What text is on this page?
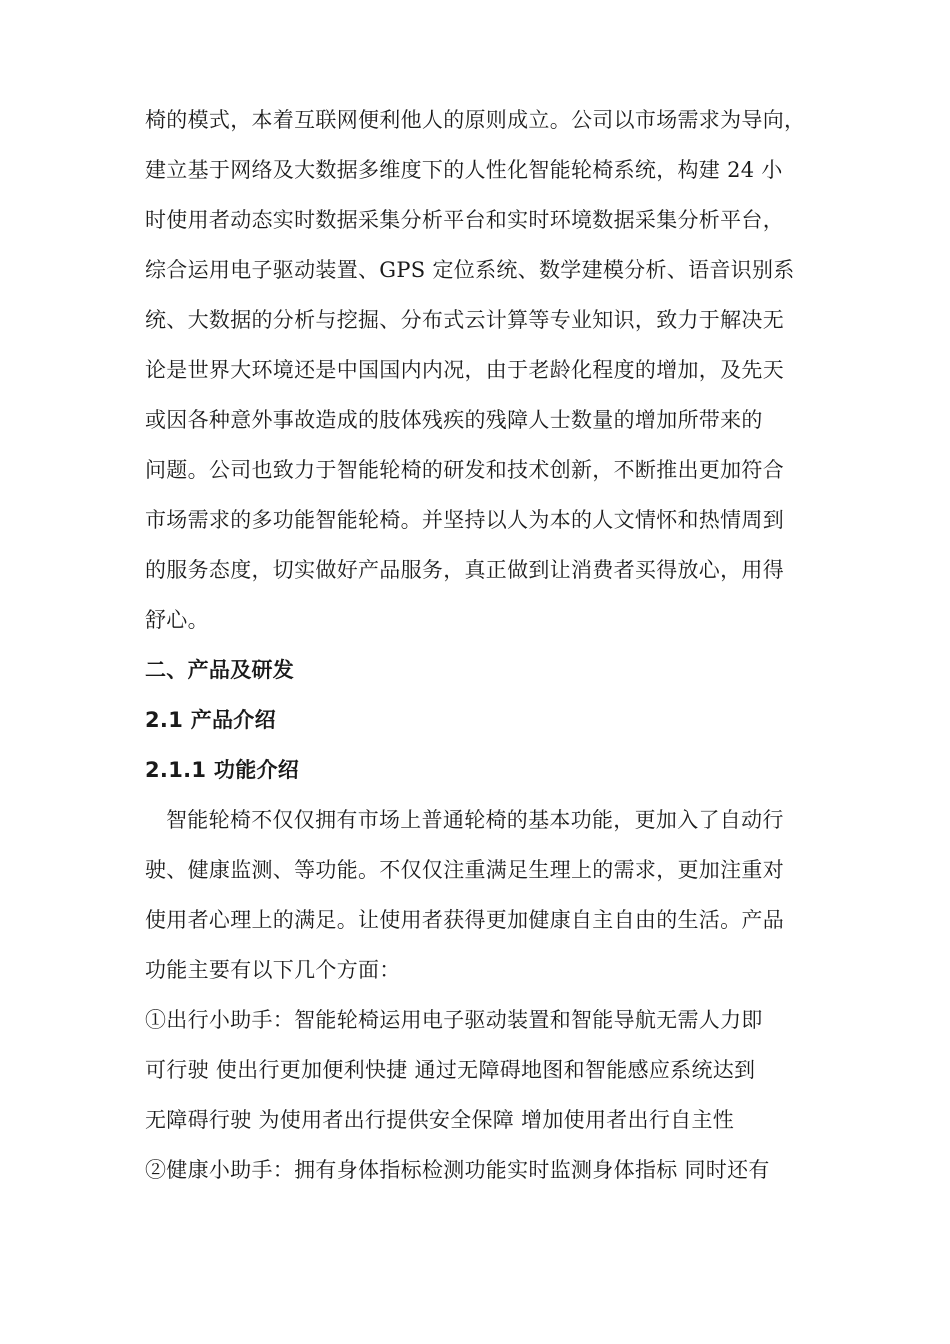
椅的模式，本着互联网便利他人的原则成立。公司以市场需求为导向，
建立基于网络及大数据多维度下的人性化智能轮椅系统，构建 24 小
时使用者动态实时数据采集分析平台和实时环境数据采集分析平台，
综合运用电子驱动装置、GPS 定位系统、数学建模分析、语音识别系
统、大数据的分析与挖掘、分布式云计算等专业知识，致力于解决无
论是世界大环境还是中国国内内况，由于老龄化程度的增加，及先天
或因各种意外事故造成的肢体残疾的残障人士数量的增加所带来的
问题。公司也致力于智能轮椅的研发和技术创新，不断推出更加符合
市场需求的多功能智能轮椅。并坚持以人为本的人文情怀和热情周到
的服务态度，切实做好产品服务，真正做到让消费者买得放心，用得
舒心。
二、产品及研发
2.1 产品介绍
2.1.1 功能介绍
智能轮椅不仅仅拥有市场上普通轮椅的基本功能，更加入了自动行
驶、健康监测、等功能。不仅仅注重满足生理上的需求，更加注重对
使用者心理上的满足。让使用者获得更加健康自主自由的生活。产品
功能主要有以下几个方面：
①出行小助手：智能轮椅运用电子驱动装置和智能导航无需人力即
可行驶 使出行更加便利快捷 通过无障碍地图和智能感应系统达到
无障碍行驶 为使用者出行提供安全保障 增加使用者出行自主性
②健康小助手：拥有身体指标检测功能实时监测身体指标 同时还有
